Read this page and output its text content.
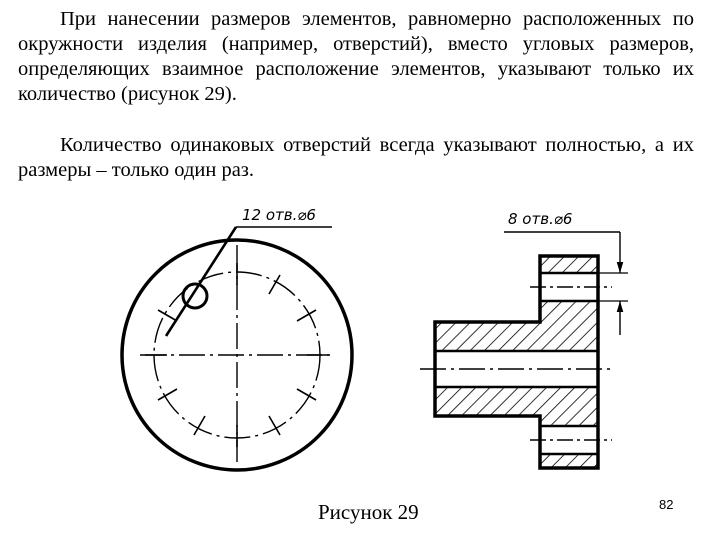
При нанесении размеров элементов, равномерно расположенных по окружности изделия (например, отверстий), вместо угловых размеров, определяющих взаимное расположение элементов, указывают только их количество (рисунок 29).

Количество одинаковых отверстий всегда указывают полностью, а их размеры – только один раз.

12 отв.⌀6	8 отв.⌀6
Рисунок 29	82
